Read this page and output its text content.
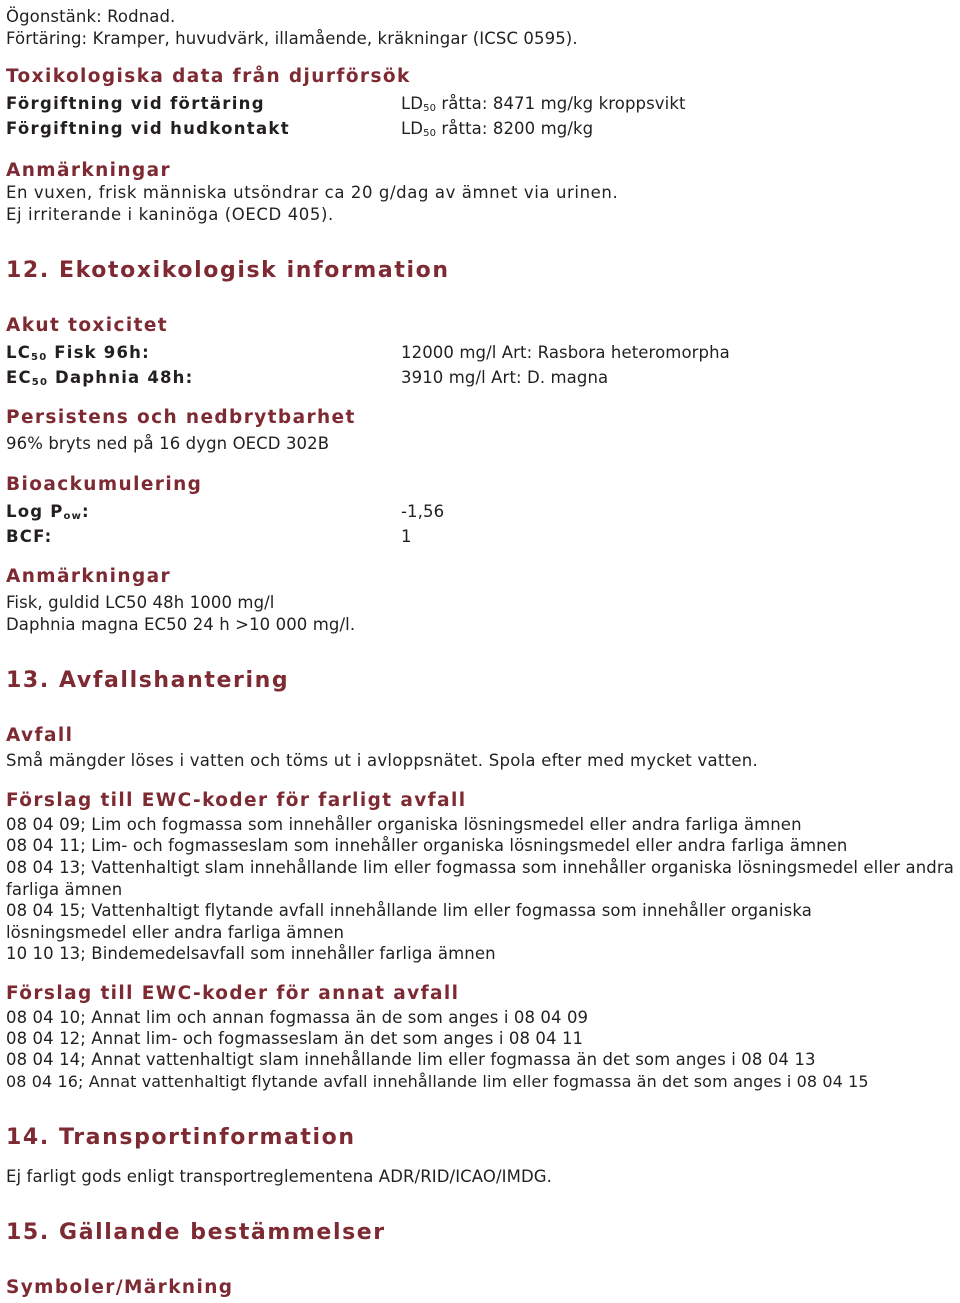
Ögonstänk: Rodnad.
Förtäring: Kramper, huvudvärk, illamående, kräkningar (ICSC 0595).
Toxikologiska data från djurförsök
Förgiftning vid förtäring	$LD_{50}$ råtta: 8471 mg/kg kroppsvikt
Förgiftning vid hudkontakt	$LD_{50}$ råtta: 8200 mg/kg
Anmärkningar
En vuxen, frisk människa utsöndrar ca 20 g/dag av ämnet via urinen.
Ej irriterande i kaninöga (OECD 405).
12. Ekotoxikologisk information
Akut toxicitet
$LC_{50}$ Fisk 96h:	12000 mg/l Art: Rasbora heteromorpha
$EC_{50}$ Daphnia 48h:	3910 mg/l Art: D. magna
Persistens och nedbrytbarhet
96% bryts ned på 16 dygn OECD 302B
Bioackumulering
Log $P_{ow}$:	-1,56
BCF:	1
Anmärkningar
Fisk, guldid LC50 48h 1000 mg/l
Daphnia magna EC50 24 h >10 000 mg/l.
13. Avfallshantering
Avfall
Små mängder löses i vatten och töms ut i avloppsnätet. Spola efter med mycket vatten.
Förslag till EWC-koder för farligt avfall
08 04 09; Lim och fogmassa som innehåller organiska lösningsmedel eller andra farliga ämnen
08 04 11; Lim- och fogmasseslam som innehåller organiska lösningsmedel eller andra farliga ämnen
08 04 13; Vattenhaltigt slam innehållande lim eller fogmassa som innehåller organiska lösningsmedel eller andra farliga ämnen
08 04 15; Vattenhaltigt flytande avfall innehållande lim eller fogmassa som innehåller organiska lösningsmedel eller andra farliga ämnen
10 10 13; Bindemedelsavfall som innehåller farliga ämnen
Förslag till EWC-koder för annat avfall
08 04 10; Annat lim och annan fogmassa än de som anges i 08 04 09
08 04 12; Annat lim- och fogmasseslam än det som anges i 08 04 11
08 04 14; Annat vattenhaltigt slam innehållande lim eller fogmassa än det som anges i 08 04 13
08 04 16; Annat vattenhaltigt flytande avfall innehållande lim eller fogmassa än det som anges i 08 04 15
14. Transportinformation
Ej farligt gods enligt transportreglementena ADR/RID/ICAO/IMDG.
15. Gällande bestämmelser
Symboler/Märkning
